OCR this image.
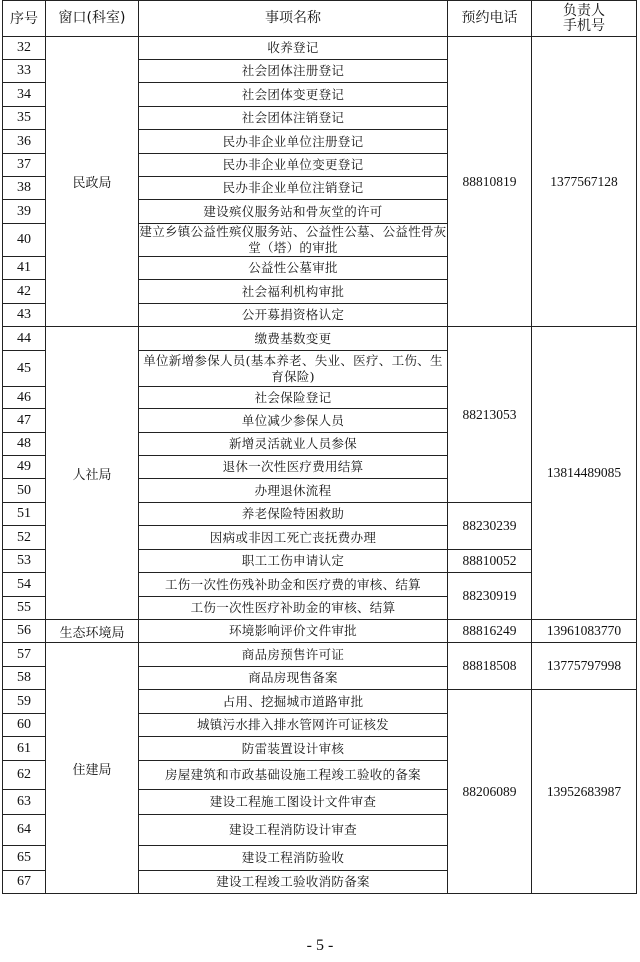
序号	窗口(科室)	事项名称	预约电话	负责人
手机号
32	民政局	收养登记	88810819	1377567128
33		社会团体注册登记		
34		社会团体变更登记		
35		社会团体注销登记		
36		民办非企业单位注册登记		
37		民办非企业单位变更登记		
38		民办非企业单位注销登记		
39		建设殡仪服务站和骨灰堂的许可		
40		建立乡镇公益性殡仪服务站、公益性公墓、公益性骨灰堂（塔）的审批		
41		公益性公墓审批		
42		社会福利机构审批		
43		公开募捐资格认定		
44	人社局	缴费基数变更	88213053	13814489085
45		单位新增参保人员(基本养老、失业、医疗、工伤、生育保险)		
46		社会保险登记		
47		单位减少参保人员		
48		新增灵活就业人员参保		
49		退休一次性医疗费用结算		
50		办理退休流程		
51		养老保险特困救助	88230239	
52		因病或非因工死亡丧抚费办理		
53		职工工伤申请认定	88810052	
54		工伤一次性伤残补助金和医疗费的审核、结算	88230919	
55		工伤一次性医疗补助金的审核、结算		
56	生态环境局	环境影响评价文件审批	88816249	13961083770
57	住建局	商品房预售许可证	88818508	13775797998
58		商品房现售备案		
59		占用、挖掘城市道路审批	88206089	13952683987
60		城镇污水排入排水管网许可证核发		
61		防雷装置设计审核		
62		房屋建筑和市政基础设施工程竣工验收的备案		
63		建设工程施工图设计文件审查		
64		建设工程消防设计审查		
65		建设工程消防验收		
67		建设工程竣工验收消防备案		
- 5 -
